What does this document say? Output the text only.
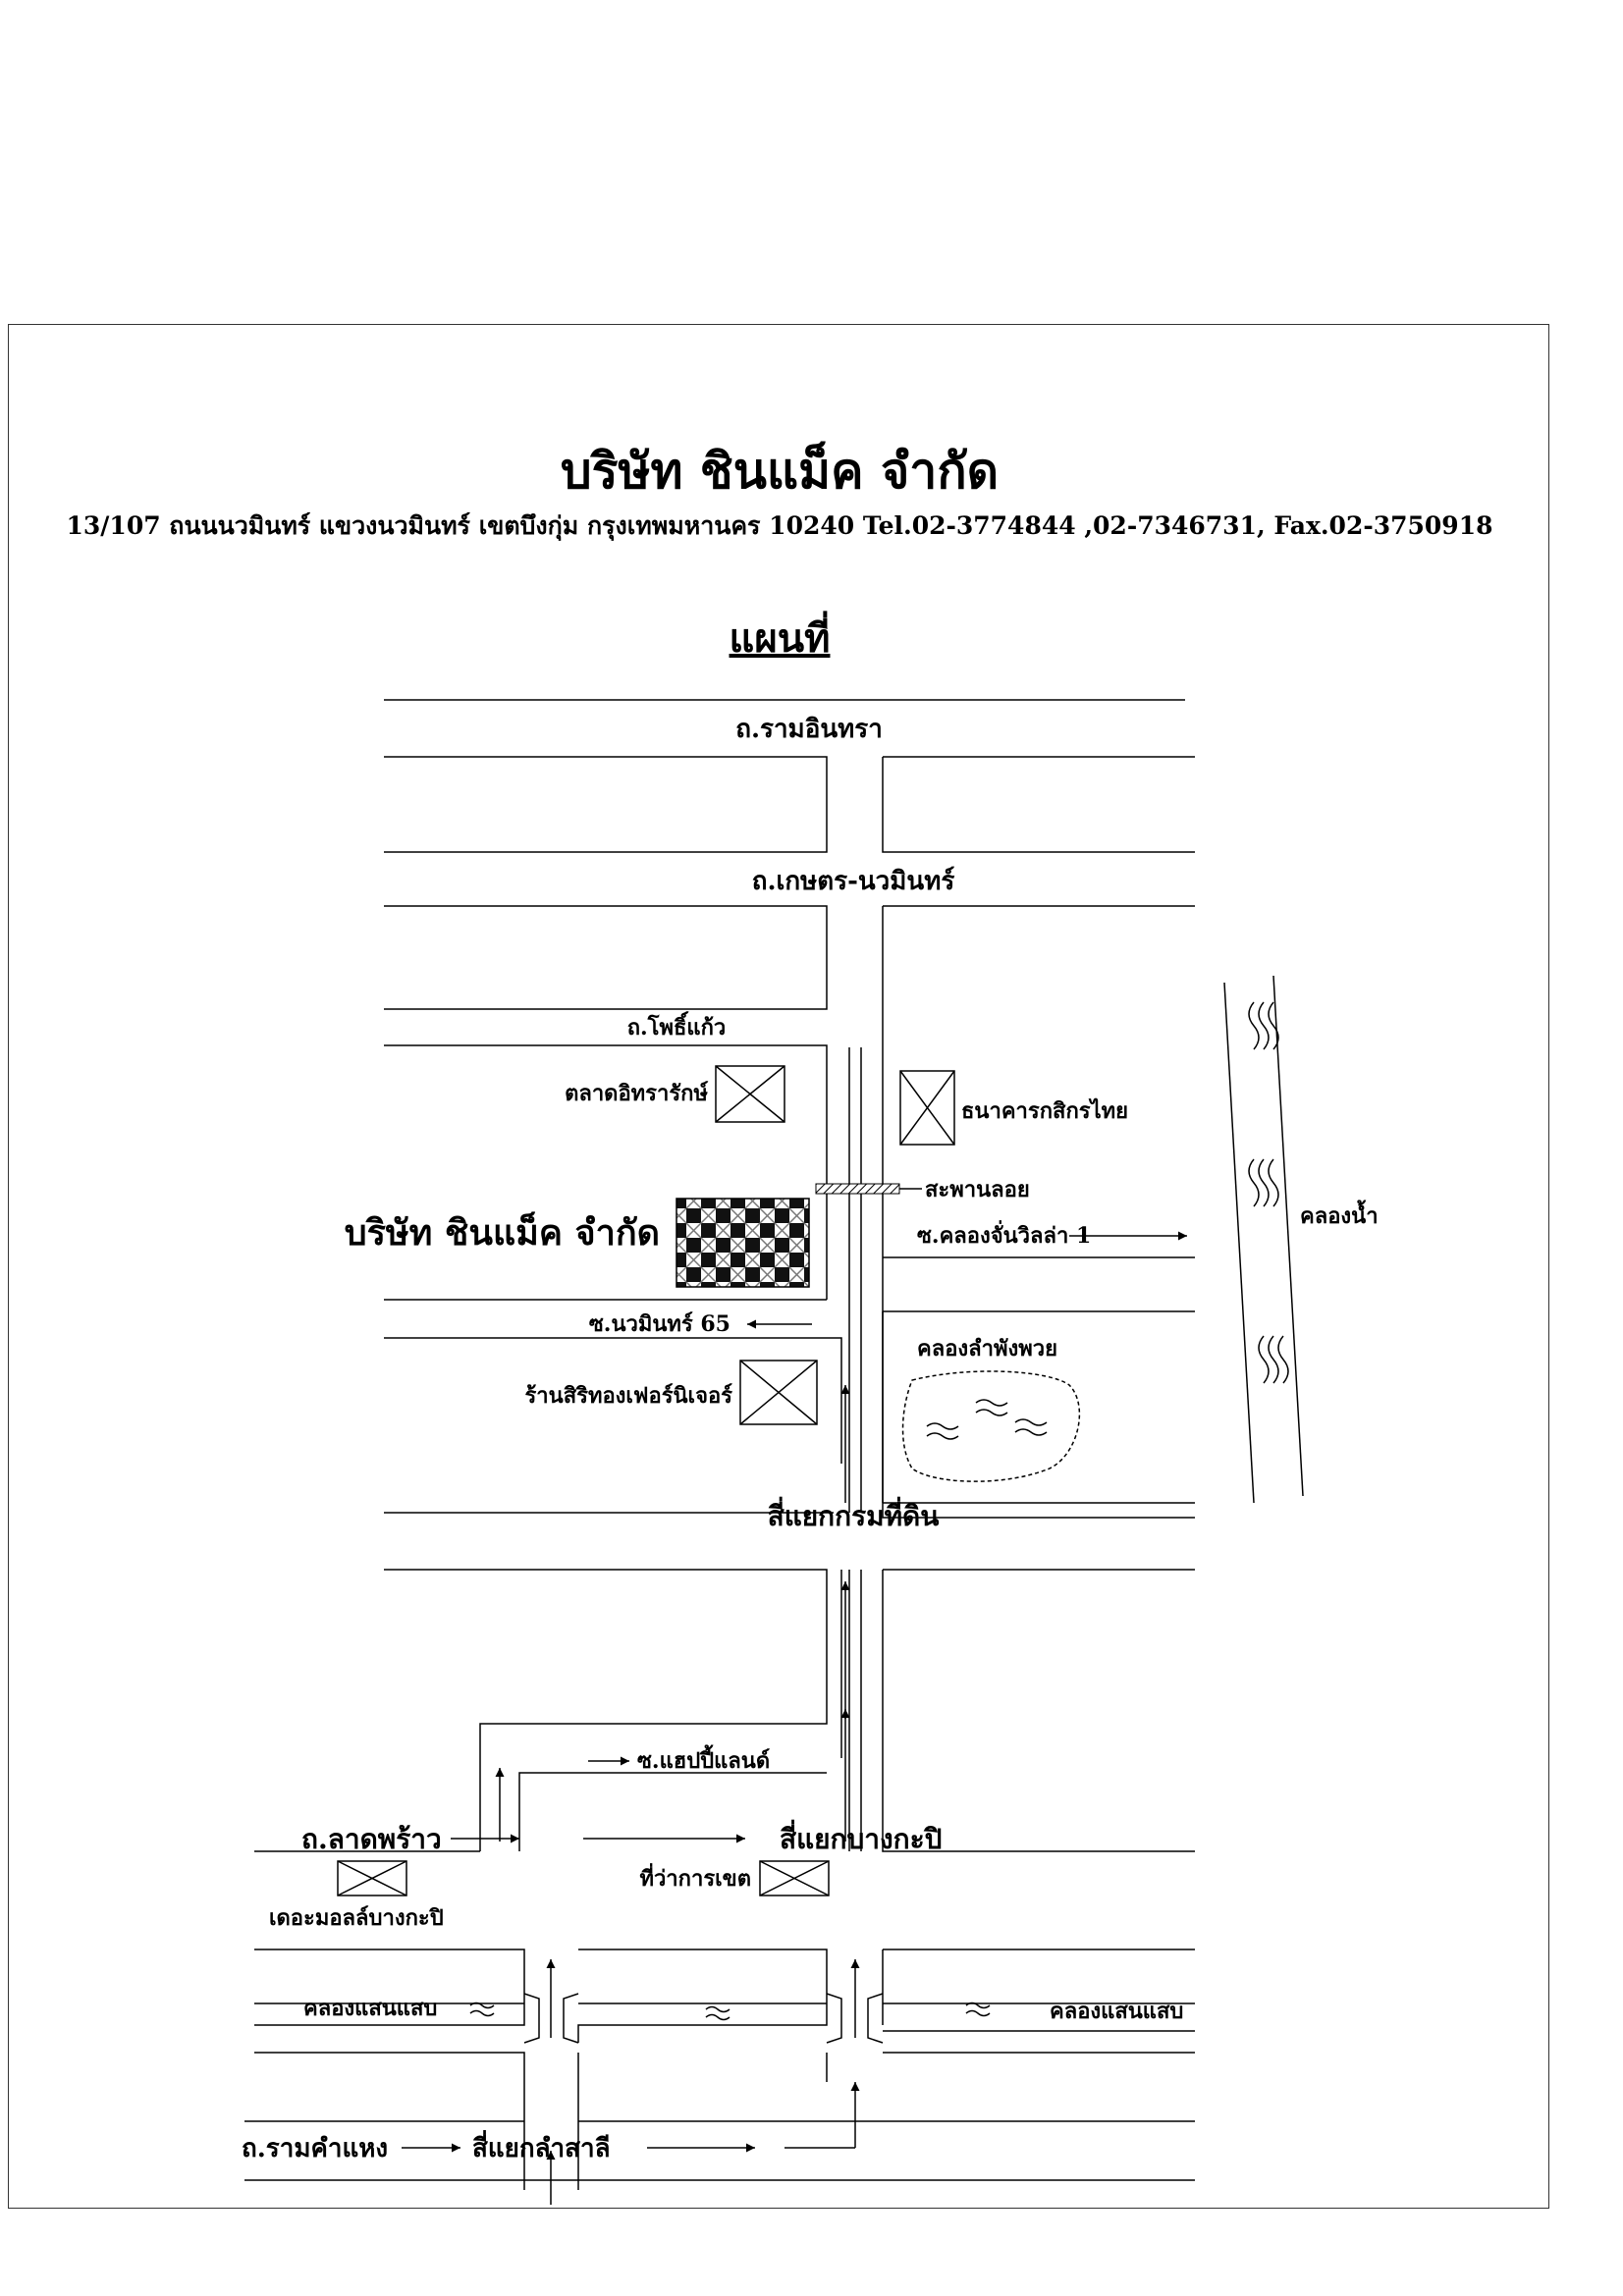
บริษัท ชินแม็ค จำกัด
13/107 ถนนนวมินทร์ แขวงนวมินทร์ เขตบึงกุ่ม กรุงเทพมหานคร 10240 Tel.02-3774844 ,02-7346731, Fax.02-3750918
แผนที่
ถ.รามอินทรา
ถ.เกษตร-นวมินทร์
ถ.โพธิ์แก้ว
ตลาดอิทรารักษ์
ธนาคารกสิกรไทย
สะพานลอย
บริษัท ชินแม็ค จำกัด	ซ.คลองจั่นวิลล่า 1
คลองน้ำ
ซ.นวมินทร์ 65
คลองลำพังพวย
ร้านสิริทองเฟอร์นิเจอร์
สี่แยกกรมที่ดิน
ซ.แฮปปี้แลนด์
ถ.ลาดพร้าว	สี่แยกบางกะปิ
ที่ว่าการเขต
เดอะมอลล์บางกะปิ
คลองแสนแสบ	คลองแสนแสบ
ถ.รามคำแหง	สี่แยกลำสาลี
